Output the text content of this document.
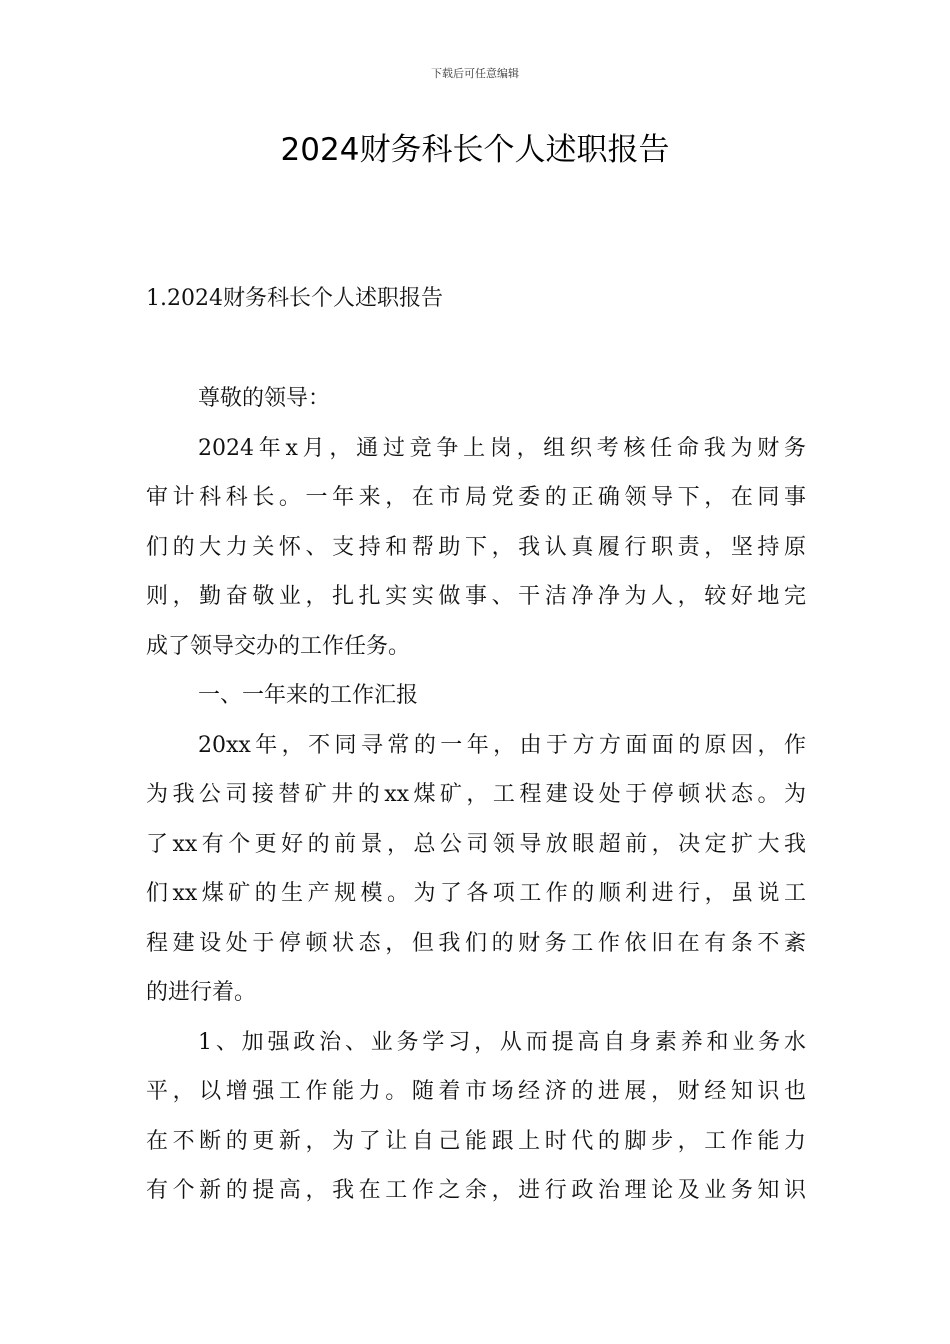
下载后可任意编辑
2024财务科长个人述职报告
1.2024财务科长个人述职报告
尊敬的领导：
2024年x月，通过竞争上岗，组织考核任命我为财务
审计科科长。一年来，在市局党委的正确领导下，在同事
们的大力关怀、支持和帮助下，我认真履行职责，坚持原
则，勤奋敬业，扎扎实实做事、干洁净净为人，较好地完
成了领导交办的工作任务。
一、一年来的工作汇报
20xx年，不同寻常的一年，由于方方面面的原因，作
为我公司接替矿井的xx煤矿，工程建设处于停顿状态。为
了xx有个更好的前景，总公司领导放眼超前，决定扩大我
们xx煤矿的生产规模。为了各项工作的顺利进行，虽说工
程建设处于停顿状态，但我们的财务工作依旧在有条不紊
的进行着。
1、加强政治、业务学习，从而提高自身素养和业务水
平，以增强工作能力。随着市场经济的进展，财经知识也
在不断的更新，为了让自己能跟上时代的脚步，工作能力
有个新的提高，我在工作之余，进行政治理论及业务知识
